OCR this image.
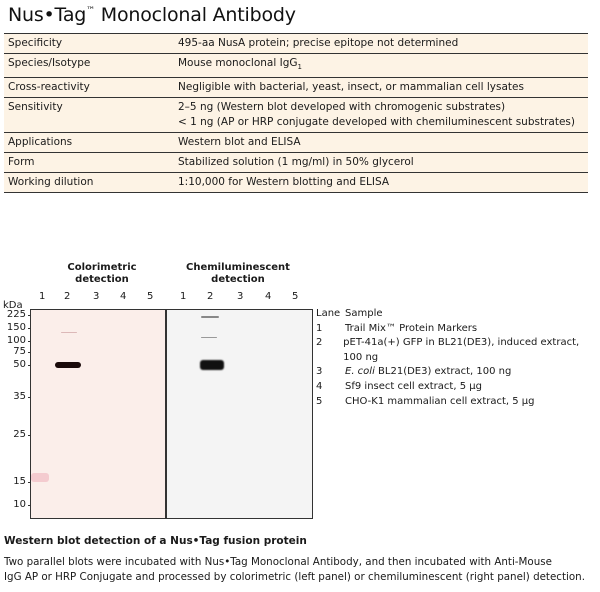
Nus•Tag™ Monoclonal Antibody
Specificity	495-aa NusA protein; precise epitope not determined
Species/Isotype	Mouse monoclonal IgG$_1$
Cross-reactivity	Negligible with bacterial, yeast, insect, or mammalian cell lysates
Sensitivity	2–5 ng (Western blot developed with chromogenic substrates)
< 1 ng (AP or HRP conjugate developed with chemiluminescent substrates)

Applications	Western blot and ELISA
Form	Stabilized solution (1 mg/ml) in 50% glycerol
Working dilution	1:10,000 for Western blotting and ELISA
Colorimetric
detection
Chemiluminescent
detection
1 2 3 4 5	1 2 3 4 5
kDa
225
150
100
75
50
35
25
15
10
Lane Sample
1	Trail Mix™ Protein Markers
2	pET-41a(+) GFP in BL21(DE3), induced extract, 100 ng
3	E. coli BL21(DE3) extract, 100 ng
4	Sf9 insect cell extract, 5 µg
5	CHO-K1 mammalian cell extract, 5 µg
Western blot detection of a Nus•Tag fusion protein
Two parallel blots were incubated with Nus•Tag Monoclonal Antibody, and then incubated with Anti-Mouse
IgG AP or HRP Conjugate and processed by colorimetric (left panel) or chemiluminescent (right panel) detection.
